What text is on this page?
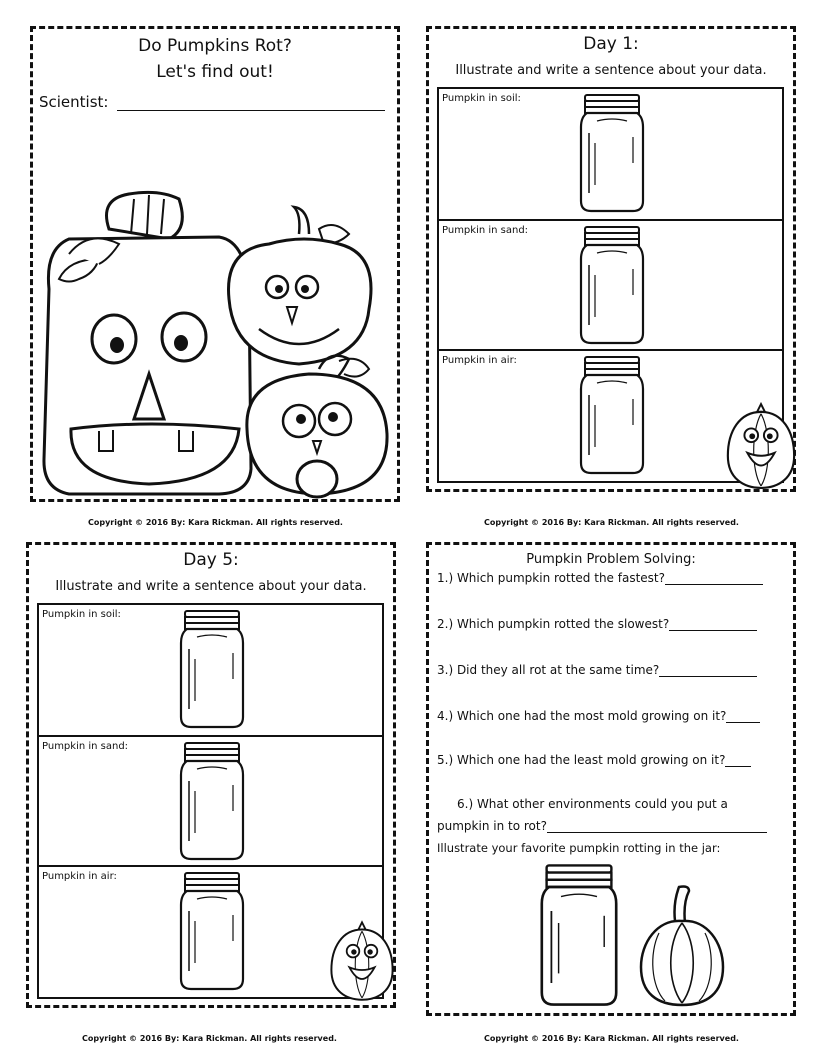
Do Pumpkins Rot?
Let's find out!
Scientist:
Copyright © 2016 By: Kara Rickman. All rights reserved.
Day 1:
Illustrate and write a sentence about your data.
Pumpkin in soil:
Pumpkin in sand:
Pumpkin in air:
Copyright © 2016 By: Kara Rickman. All rights reserved.
Day 5:
Illustrate and write a sentence about your data.
Pumpkin in soil:
Pumpkin in sand:
Pumpkin in air:
Copyright © 2016 By: Kara Rickman. All rights reserved.
Pumpkin Problem Solving:
1.) Which pumpkin rotted the fastest?
2.) Which pumpkin rotted the slowest?
3.) Did they all rot at the same time?
4.) Which one had the most mold growing on it?
5.) Which one had the least mold growing on it?
6.) What other environments could you put a
pumpkin in to rot?
Illustrate your favorite pumpkin rotting in the jar:
Copyright © 2016 By: Kara Rickman. All rights reserved.
